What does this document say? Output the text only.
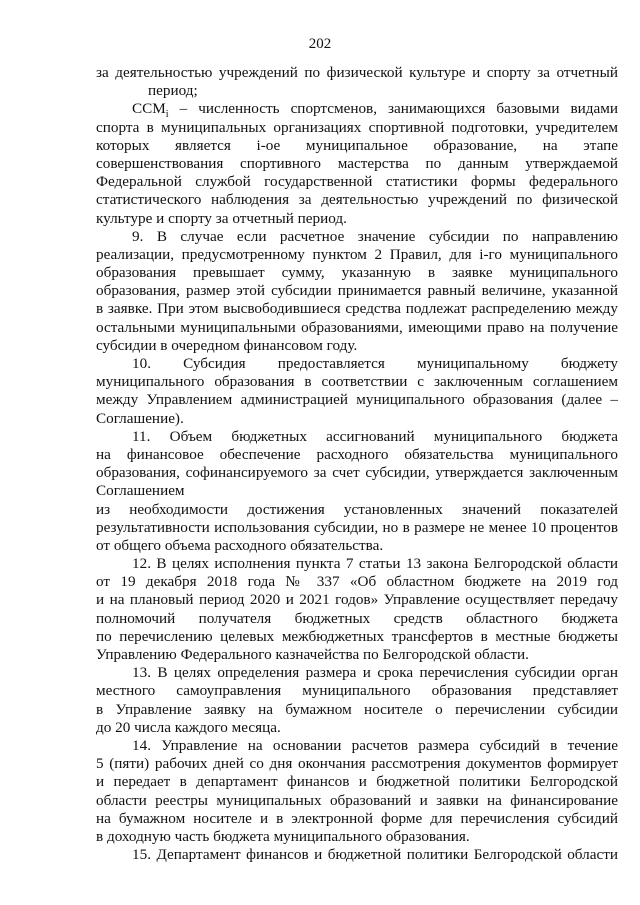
202
за деятельностью учреждений по физической культуре и спорту за отчетный
период;
$ССМ_i$ – численность спортсменов, занимающихся базовыми видами
спорта в муниципальных организациях спортивной подготовки, учредителем
которых является i-ое муниципальное образование, на этапе
совершенствования спортивного мастерства по данным утверждаемой
Федеральной службой государственной статистики формы федерального
статистического наблюдения за деятельностью учреждений по физической
культуре и спорту за отчетный период.
9. В случае если расчетное значение субсидии по направлению
реализации, предусмотренному пунктом 2 Правил, для i-го муниципального
образования превышает сумму, указанную в заявке муниципального
образования, размер этой субсидии принимается равный величине, указанной
в заявке. При этом высвободившиеся средства подлежат распределению между
остальными муниципальными образованиями, имеющими право на получение
субсидии в очередном финансовом году.
10. Субсидия предоставляется муниципальному бюджету
муниципального образования в соответствии с заключенным соглашением
между Управлением администрацией муниципального образования (далее –
Соглашение).
11. Объем бюджетных ассигнований муниципального бюджета
на финансовое обеспечение расходного обязательства муниципального
образования, софинансируемого за счет субсидии, утверждается заключенным
Соглашением
из необходимости достижения установленных значений показателей
результативности использования субсидии, но в размере не менее 10 процентов
от общего объема расходного обязательства.
12. В целях исполнения пункта 7 статьи 13 закона Белгородской области
от 19 декабря 2018 года № 337 «Об областном бюджете на 2019 год
и на плановый период 2020 и 2021 годов» Управление осуществляет передачу
полномочий получателя бюджетных средств областного бюджета
по перечислению целевых межбюджетных трансфертов в местные бюджеты
Управлению Федерального казначейства по Белгородской области.
13. В целях определения размера и срока перечисления субсидии орган
местного самоуправления муниципального образования представляет
в Управление заявку на бумажном носителе о перечислении субсидии
до 20 числа каждого месяца.
14. Управление на основании расчетов размера субсидий в течение
5 (пяти) рабочих дней со дня окончания рассмотрения документов формирует
и передает в департамент финансов и бюджетной политики Белгородской
области реестры муниципальных образований и заявки на финансирование
на бумажном носителе и в электронной форме для перечисления субсидий
в доходную часть бюджета муниципального образования.
15. Департамент финансов и бюджетной политики Белгородской области
